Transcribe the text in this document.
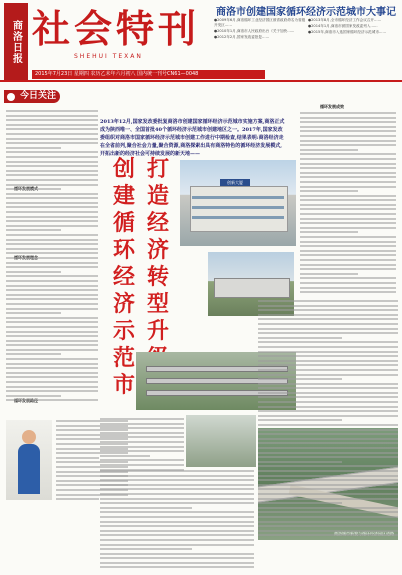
商洛日报 社会特刊
SHEHUI TEXAN
2015年7月23日 星期四 农历乙未年六月初八 国内统一刊号CN61—0048
商洛市创建国家循环经济示范城市大事记

●2009年6月,商洛循环工业经济园区被省政府命名为省级开发区……

●2010年1月,商洛市人民政府出台《关于加快……

●2012年2月,国家发改委批复……

●2013年8月,全市循环经济工作会议召开……

●2014年1月,商洛市被国家发改委列入……

●2015年,商洛市入选国家循环经济示范城市……

今日关注
2013年12月,国家发改委批复商洛市创建国家循环经济示范城市实施方案,商洛正式成为陕西唯一、全国首批40个循环经济示范城市创建地区之一。2017年,国家发改委组织对商洛市国家循环经济示范城市创建工作进行中期检查,结果表明:商洛经济走在全省前列,聚合社会力量,聚合资源,商洛探索出具有商洛特色的循环经济发展模式,开拓出新的经济社会可持续发展的新天地——
创建循环经济示范市
打造经济转型升
创新大厦
循环发展成效
